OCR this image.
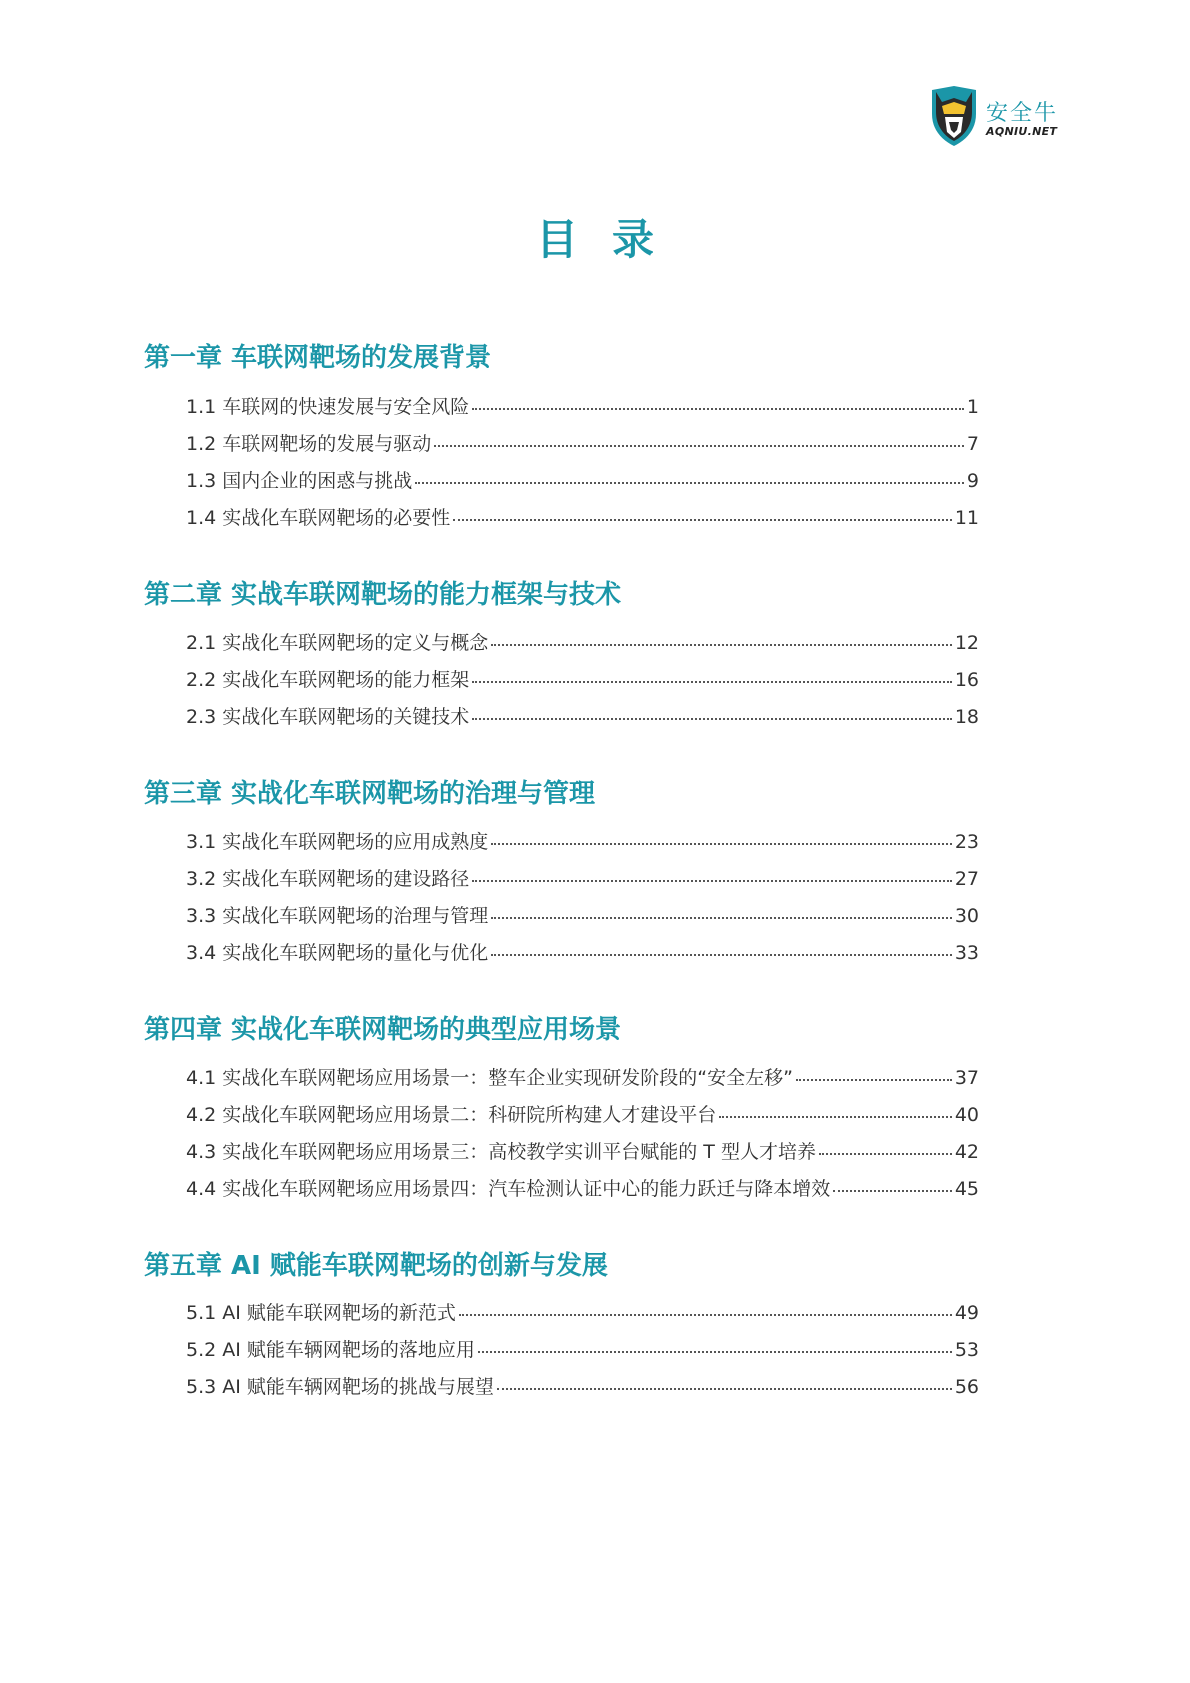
安全牛
AQNIU.NET
目录
第一章 车联网靶场的发展背景
1.1 车联网的快速发展与安全风险	1
1.2 车联网靶场的发展与驱动	7
1.3 国内企业的困惑与挑战	9
1.4 实战化车联网靶场的必要性	11
第二章 实战车联网靶场的能力框架与技术
2.1 实战化车联网靶场的定义与概念	12
2.2 实战化车联网靶场的能力框架	16
2.3 实战化车联网靶场的关键技术	18
第三章 实战化车联网靶场的治理与管理
3.1 实战化车联网靶场的应用成熟度	23
3.2 实战化车联网靶场的建设路径	27
3.3 实战化车联网靶场的治理与管理	30
3.4 实战化车联网靶场的量化与优化	33
第四章 实战化车联网靶场的典型应用场景
4.1 实战化车联网靶场应用场景一：整车企业实现研发阶段的“安全左移”	37
4.2 实战化车联网靶场应用场景二：科研院所构建人才建设平台	40
4.3 实战化车联网靶场应用场景三：高校教学实训平台赋能的 T 型人才培养	42
4.4 实战化车联网靶场应用场景四：汽车检测认证中心的能力跃迁与降本增效	45
第五章 AI 赋能车联网靶场的创新与发展
5.1 AI 赋能车联网靶场的新范式	49
5.2 AI 赋能车辆网靶场的落地应用	53
5.3 AI 赋能车辆网靶场的挑战与展望	56
